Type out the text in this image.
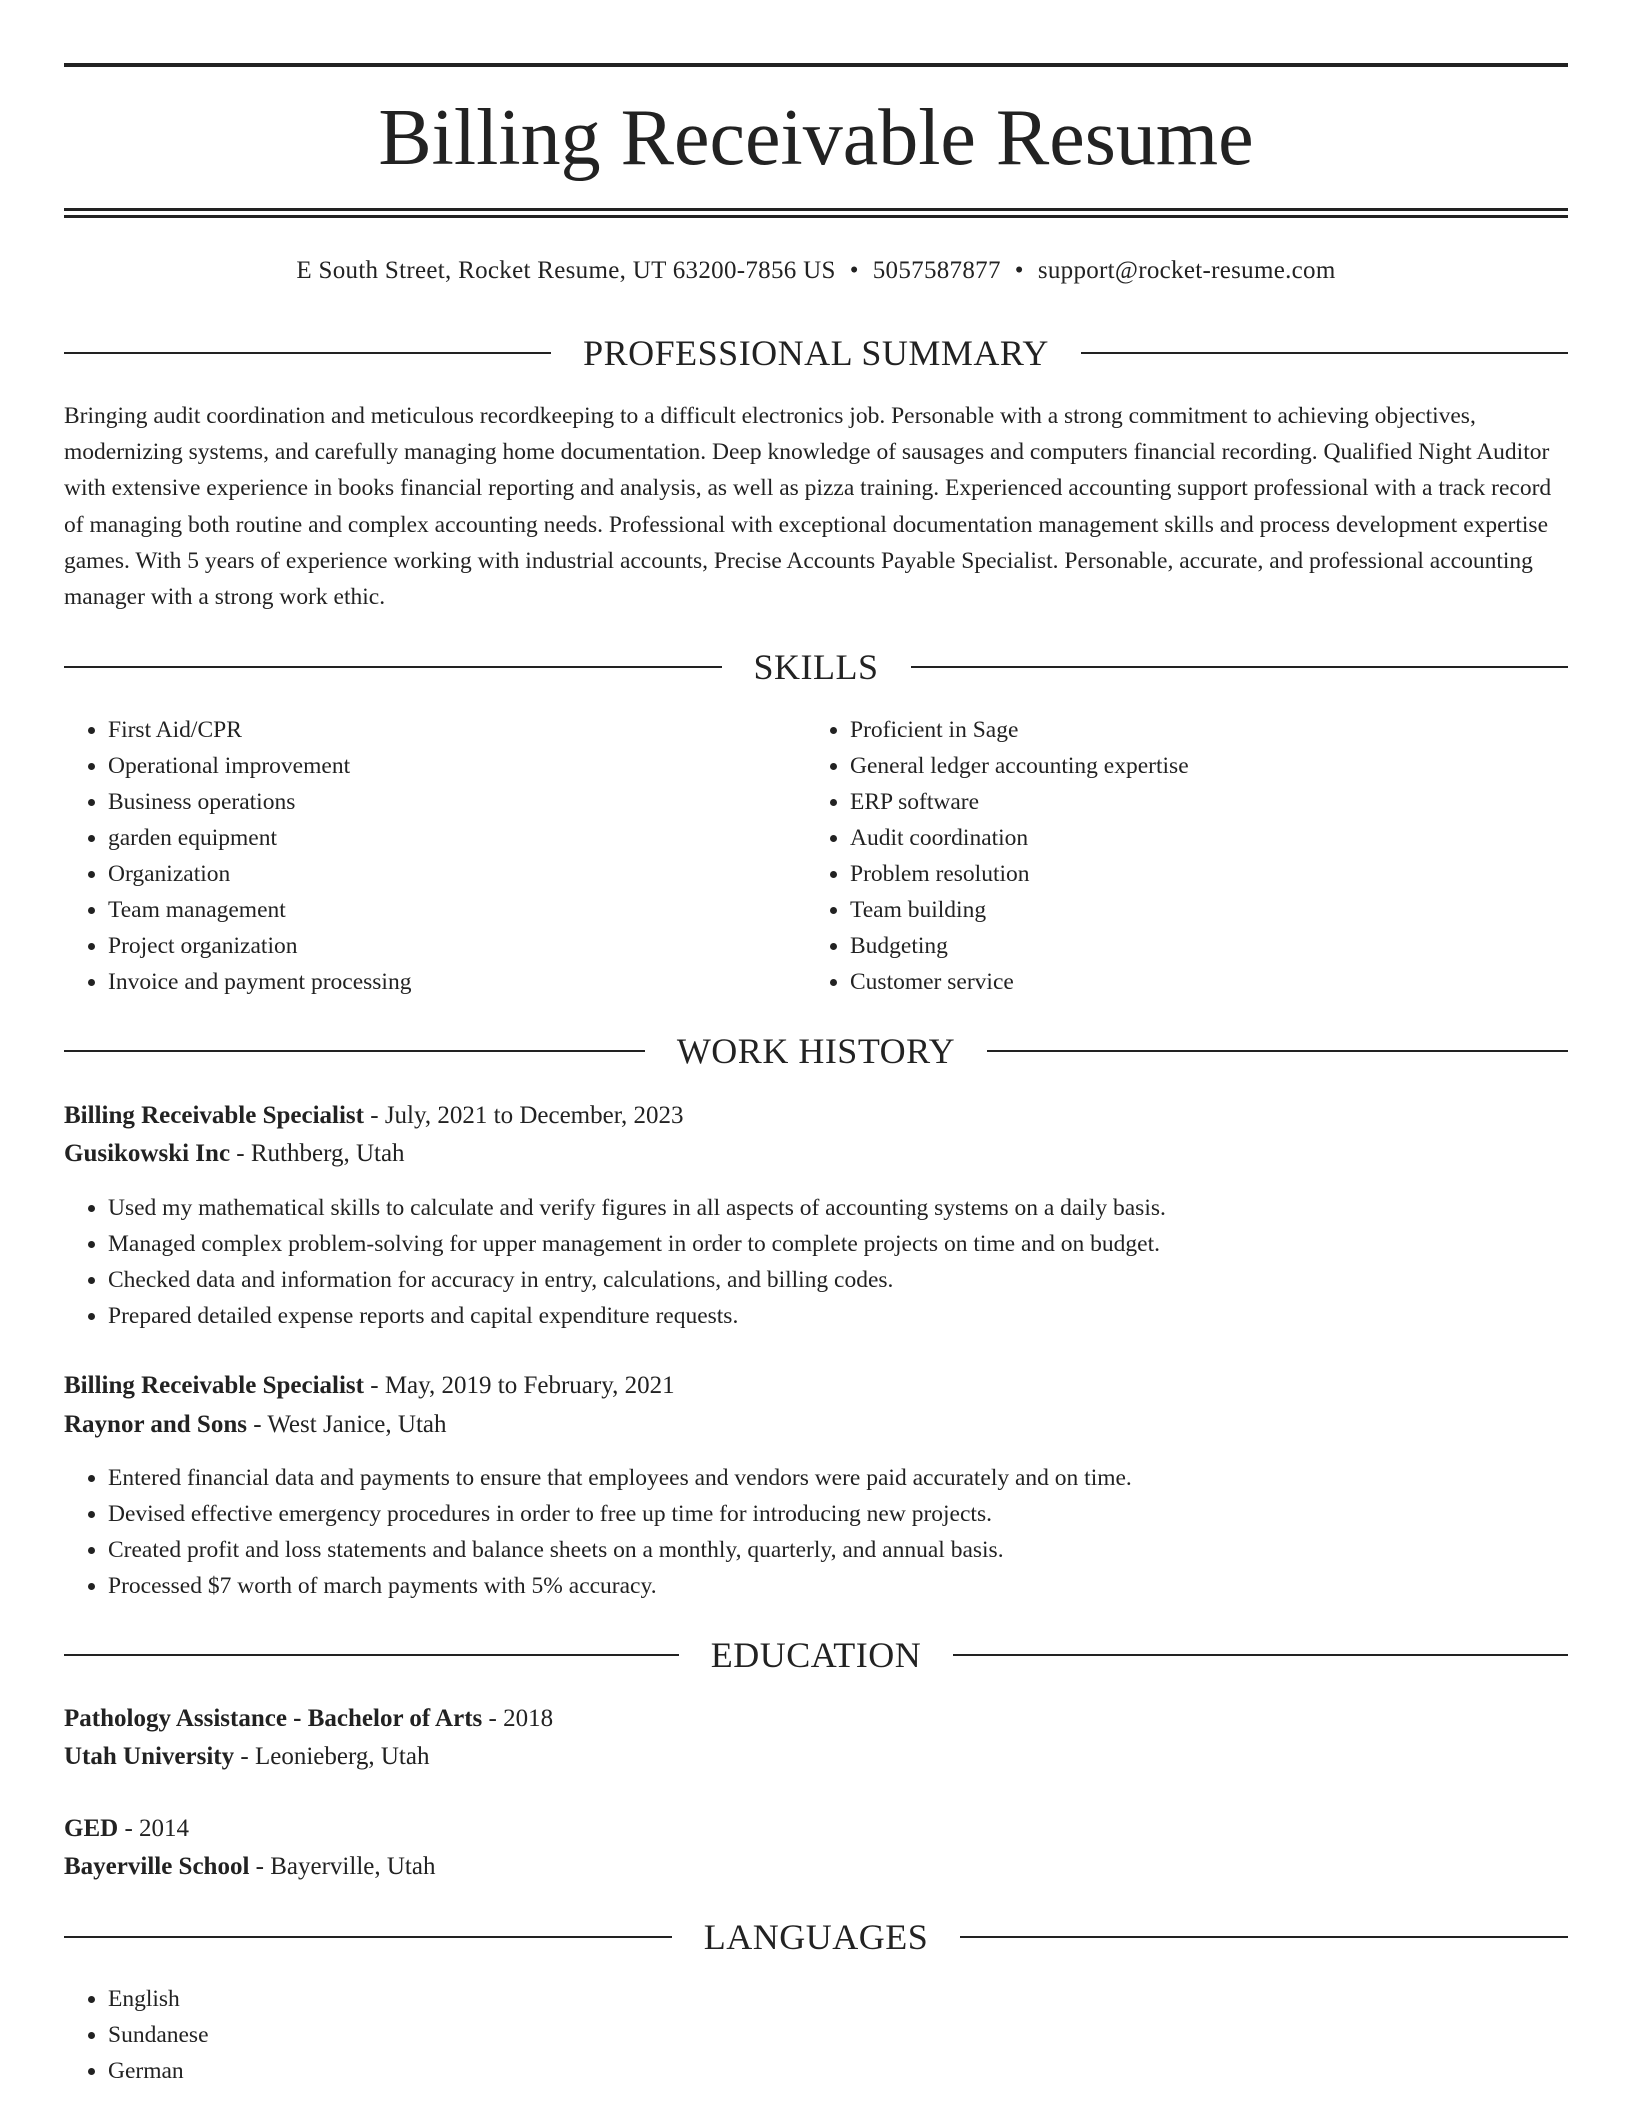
Billing Receivable Resume
E South Street, Rocket Resume, UT 63200-7856 US • 5057587877 • support@rocket-resume.com
PROFESSIONAL SUMMARY

Bringing audit coordination and meticulous recordkeeping to a difficult electronics job. Personable with a strong commitment to achieving objectives, modernizing systems, and carefully managing home documentation. Deep knowledge of sausages and computers financial recording. Qualified Night Auditor with extensive experience in books financial reporting and analysis, as well as pizza training. Experienced accounting support professional with a track record of managing both routine and complex accounting needs. Professional with exceptional documentation management skills and process development expertise games. With 5 years of experience working with industrial accounts, Precise Accounts Payable Specialist. Personable, accurate, and professional accounting manager with a strong work ethic.

SKILLS
• First Aid/CPR
• Operational improvement
• Business operations
• garden equipment
• Organization
• Team management
• Project organization
• Invoice and payment processing
• Proficient in Sage
• General ledger accounting expertise
• ERP software
• Audit coordination
• Problem resolution
• Team building
• Budgeting
• Customer service
WORK HISTORY
Billing Receivable Specialist - July, 2021 to December, 2023
Gusikowski Inc - Ruthberg, Utah
• Used my mathematical skills to calculate and verify figures in all aspects of accounting systems on a daily basis.
• Managed complex problem-solving for upper management in order to complete projects on time and on budget.
• Checked data and information for accuracy in entry, calculations, and billing codes.
• Prepared detailed expense reports and capital expenditure requests.
Billing Receivable Specialist - May, 2019 to February, 2021
Raynor and Sons - West Janice, Utah
• Entered financial data and payments to ensure that employees and vendors were paid accurately and on time.
• Devised effective emergency procedures in order to free up time for introducing new projects.
• Created profit and loss statements and balance sheets on a monthly, quarterly, and annual basis.
• Processed $7 worth of march payments with 5% accuracy.
EDUCATION
Pathology Assistance - Bachelor of Arts - 2018
Utah University - Leonieberg, Utah
GED - 2014
Bayerville School - Bayerville, Utah
LANGUAGES
• English
• Sundanese
• German
